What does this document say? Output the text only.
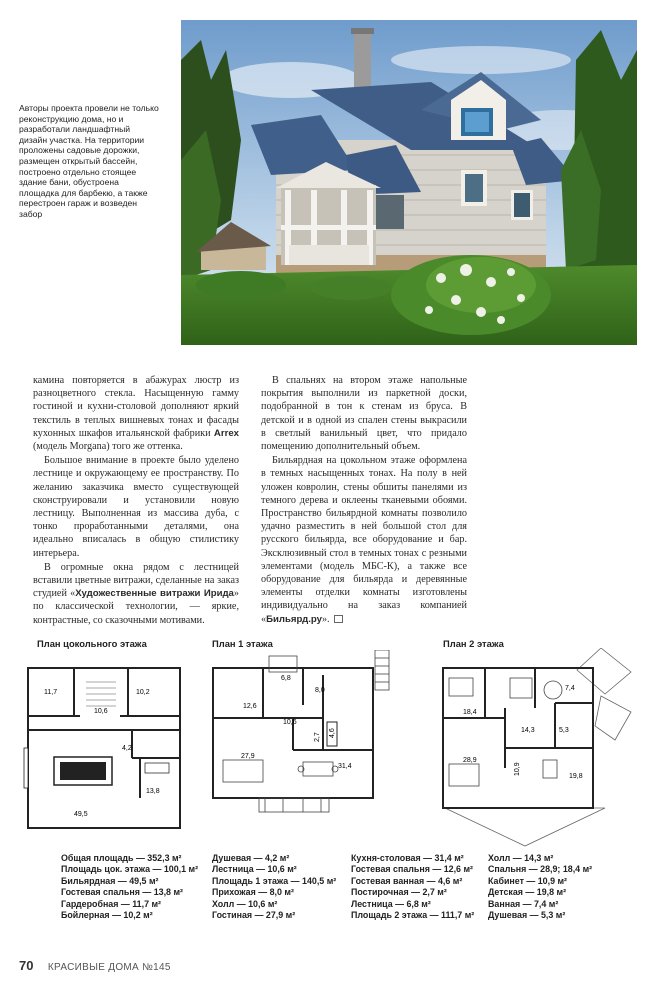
Авторы проекта провели не только реконструкцию дома, но и разработали ландшафтный дизайн участка. На территории проложены садовые дорожки, размещен открытый бассейн, построено отдельно стоящее здание бани, обустроена площадка для барбекю, а также перестроен гараж и возведен забор

камина повторяется в абажурах люстр из разноцветного стекла. Насыщенную гамму гостиной и кухни-столовой дополняют яркий текстиль в теплых вишневых тонах и фасады кухонных шкафов итальянской фабрики Arrex (модель Morgana) того же оттенка.

Большое внимание в проекте было уделено лестнице и окружающему ее пространству. По желанию заказчика вместо существующей сконструировали и установили новую лестницу. Выполненная из массива дуба, с тонко проработанными деталями, она идеально вписалась в общую стилистику интерьера.

В огромные окна рядом с лестницей вставили цветные витражи, сделанные на заказ студией «Художественные витражи Ирида» по классической технологии, — яркие, контрастные, со сказочными мотивами.

В спальнях на втором этаже напольные покрытия выполнили из паркетной доски, подобранной в тон к стенам из бруса. В детской и в одной из спален стены выкрасили в светлый ванильный цвет, что придало помещению дополнительный объем.

Бильярдная на цокольном этаже оформлена в темных насыщенных тонах. На полу в ней уложен ковролин, стены обшиты панелями из темного дерева и оклеены тканевыми обоями. Пространство бильярдной комнаты позволило удачно разместить в ней большой стол для русского бильярда, все оборудование и бар. Эксклюзивный стол в темных тонах с резными элементами (модель МБС-К), а также все оборудование для бильярда и деревянные элементы отделки комнаты изготовлены индивидуально на заказ компанией «Бильярд.ру».

План цокольного этажа	План 1 этажа	План 2 этажа
11,7	10,2
10,6
4,2
13,8
49,5
6,8
8,0
12,6
10,6
2,7 4,6
27,9
31,4
7,4
18,4
14,3	5,3
28,9
10,9
19,8
Общая площадь — 352,3 м²
Площадь цок. этажа — 100,1 м²
Бильярдная — 49,5 м²
Гостевая спальня — 13,8 м²
Гардеробная — 11,7 м²
Бойлерная — 10,2 м²
Душевая — 4,2 м²
Лестница — 10,6 м²
Площадь 1 этажа — 140,5 м²
Прихожая — 8,0 м²
Холл — 10,6 м²
Гостиная — 27,9 м²
Кухня-столовая — 31,4 м²
Гостевая спальня — 12,6 м²
Гостевая ванная — 4,6 м²
Постирочная — 2,7 м²
Лестница — 6,8 м²
Площадь 2 этажа — 111,7 м²
Холл — 14,3 м²
Спальня — 28,9; 18,4 м²
Кабинет — 10,9 м²
Детская — 19,8 м²
Ванная — 7,4 м²
Душевая — 5,3 м²
70 КРАСИВЫЕ ДОМА №145
